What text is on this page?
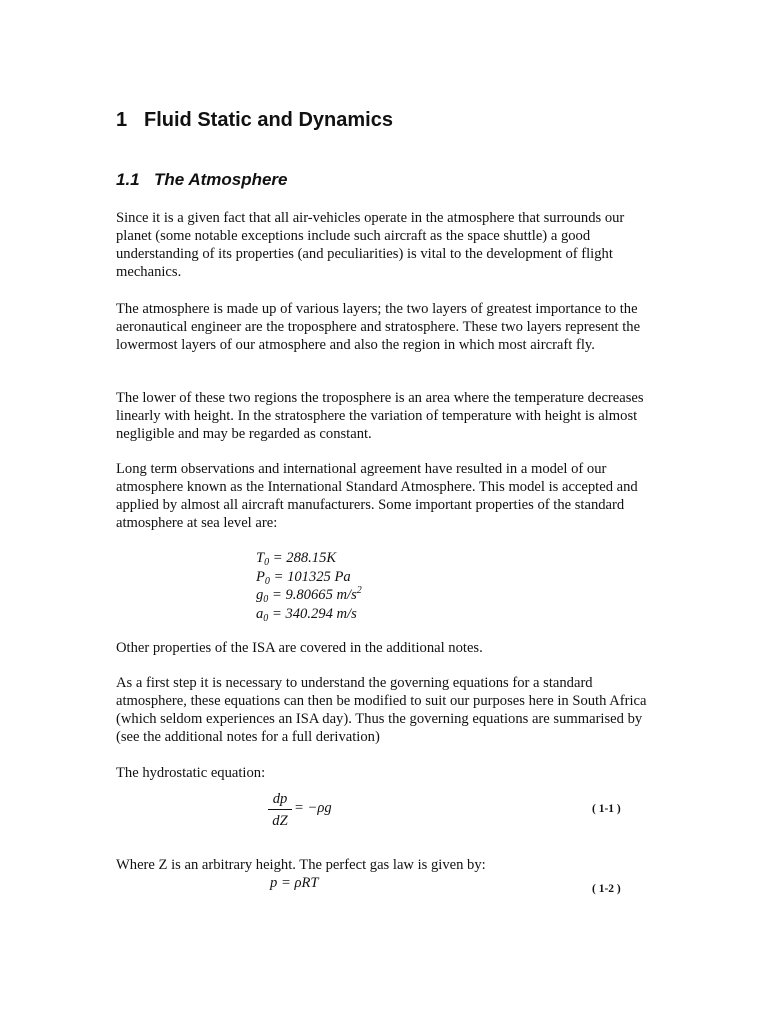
1 Fluid Static and Dynamics
1.1 The Atmosphere

Since it is a given fact that all air-vehicles operate in the atmosphere that surrounds our planet (some notable exceptions include such aircraft as the space shuttle) a good understanding of its properties (and peculiarities) is vital to the development of flight mechanics.

The atmosphere is made up of various layers; the two layers of greatest importance to the aeronautical engineer are the troposphere and stratosphere. These two layers represent the lowermost layers of our atmosphere and also the region in which most aircraft fly.

The lower of these two regions the troposphere is an area where the temperature decreases linearly with height. In the stratosphere the variation of temperature with height is almost negligible and may be regarded as constant.

Long term observations and international agreement have resulted in a model of our atmosphere known as the International Standard Atmosphere. This model is accepted and applied by almost all aircraft manufacturers. Some important properties of the standard atmosphere at sea level are:

$T_0 = 288.15K$
$P_0 = 101325$ Pa
$g_0 = 9.80665$ $m/s^2$
$a_0 = 340.294$ m/s

Other properties of the ISA are covered in the additional notes.

As a first step it is necessary to understand the governing equations for a standard atmosphere, these equations can then be modified to suit our purposes here in South Africa (which seldom experiences an ISA day). Thus the governing equations are summarised by (see the additional notes for a full derivation)

The hydrostatic equation:

dp
dZ
= −ρg	( 1-1 )

Where Z is an arbitrary height. The perfect gas law is given by:

p = ρRT	( 1-2 )
